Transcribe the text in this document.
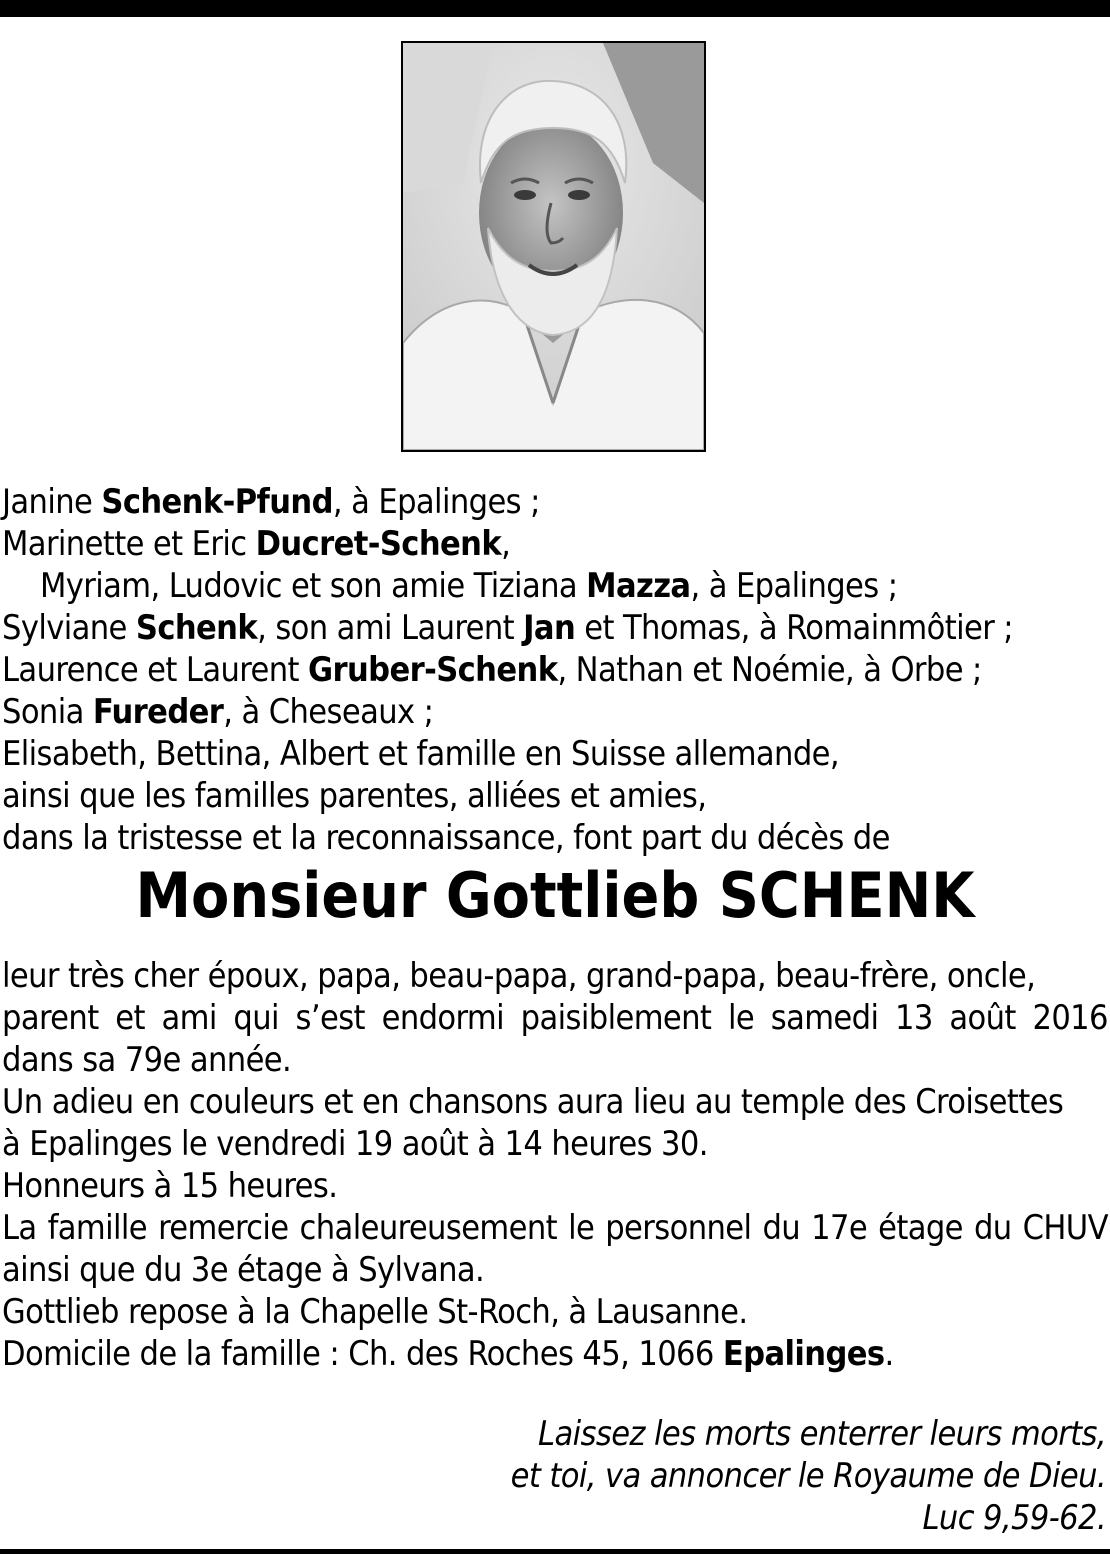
Janine Schenk-Pfund, à Epalinges ;
Marinette et Eric Ducret-Schenk,
Myriam, Ludovic et son amie Tiziana Mazza, à Epalinges ;
Sylviane Schenk, son ami Laurent Jan et Thomas, à Romainmôtier ;
Laurence et Laurent Gruber-Schenk, Nathan et Noémie, à Orbe ;
Sonia Fureder, à Cheseaux ;
Elisabeth, Bettina, Albert et famille en Suisse allemande,
ainsi que les familles parentes, alliées et amies,
dans la tristesse et la reconnaissance, font part du décès de
Monsieur Gottlieb SCHENK
leur très cher époux, papa, beau-papa, grand-papa, beau-frère, oncle,
parent et ami qui s’est endormi paisiblement le samedi 13 août 2016
dans sa 79e année.
Un adieu en couleurs et en chansons aura lieu au temple des Croisettes
à Epalinges le vendredi 19 août à 14 heures 30.
Honneurs à 15 heures.
La famille remercie chaleureusement le personnel du 17e étage du CHUV
ainsi que du 3e étage à Sylvana.
Gottlieb repose à la Chapelle St-Roch, à Lausanne.
Domicile de la famille : Ch. des Roches 45, 1066 Epalinges.
Laissez les morts enterrer leurs morts,
et toi, va annoncer le Royaume de Dieu.
Luc 9,59-62.
